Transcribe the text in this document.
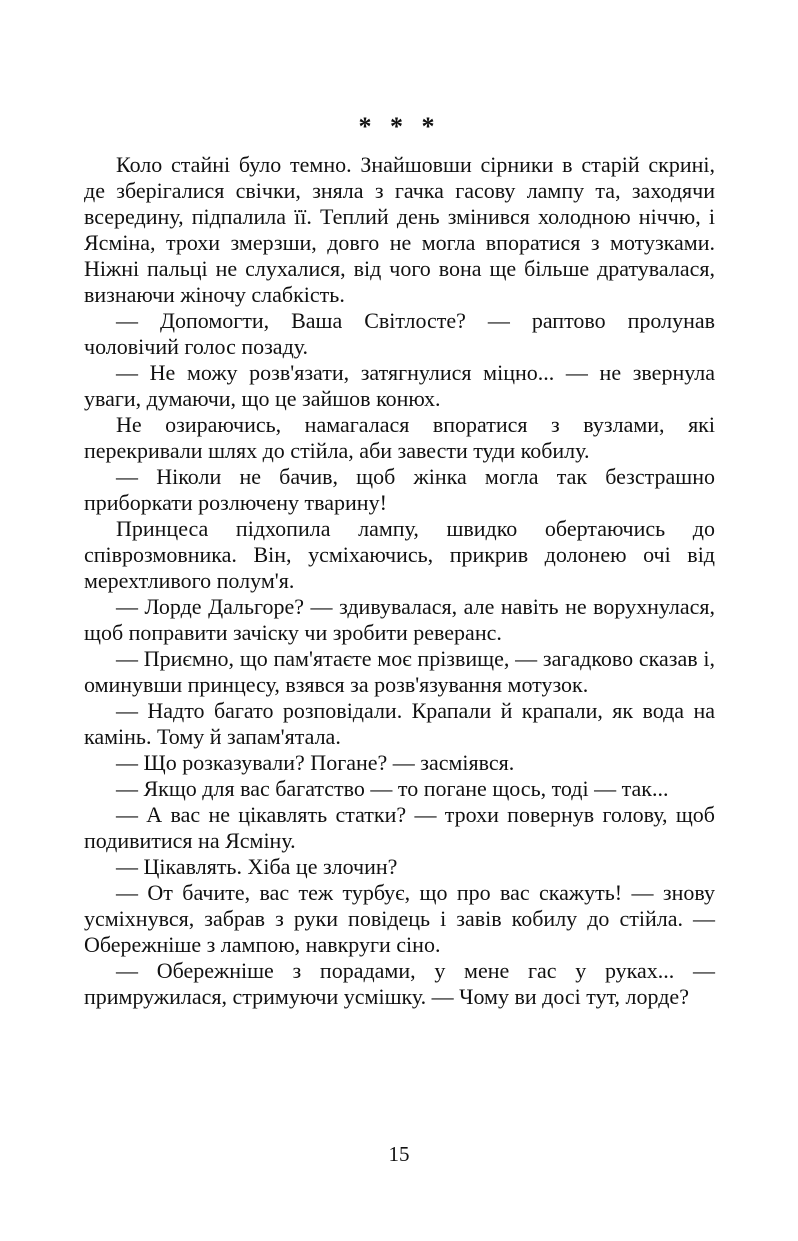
* * *

Коло стайні було темно. Знайшовши сірники в старій скрині, де зберігалися свічки, зняла з гачка гасову лампу та, заходячи всередину, підпалила її. Теплий день змінився холодною ніччю, і Ясміна, трохи змерзши, довго не могла впоратися з мотузками. Ніжні пальці не слухалися, від чого вона ще більше дратувалася, визнаючи жіночу слабкість.

— Допомогти, Ваша Світлосте? — раптово пролунав чоловічий голос позаду.

— Не можу розв'язати, затягнулися міцно... — не звернула уваги, думаючи, що це зайшов конюх.

Не озираючись, намагалася впоратися з вузлами, які перекривали шлях до стійла, аби завести туди кобилу.

— Ніколи не бачив, щоб жінка могла так безстрашно приборкати розлючену тварину!

Принцеса підхопила лампу, швидко обертаючись до співрозмовника. Він, усміхаючись, прикрив долонею очі від мерехтливого полум'я.

— Лорде Дальгоре? — здивувалася, але навіть не ворухнулася, щоб поправити зачіску чи зробити реверанс.

— Приємно, що пам'ятаєте моє прізвище, — загадково сказав і, оминувши принцесу, взявся за розв'язування мотузок.

— Надто багато розповідали. Крапали й крапали, як вода на камінь. Тому й запам'ятала.

— Що розказували? Погане? — засміявся.

— Якщо для вас багатство — то погане щось, тоді — так...

— А вас не цікавлять статки? — трохи повернув голову, щоб подивитися на Ясміну.

— Цікавлять. Хіба це злочин?

— От бачите, вас теж турбує, що про вас скажуть! — знову усміхнувся, забрав з руки повідець і завів кобилу до стійла. — Обережніше з лампою, навкруги сіно.

— Обережніше з порадами, у мене гас у руках... — примружилася, стримуючи усмішку. — Чому ви досі тут, лорде?

15
